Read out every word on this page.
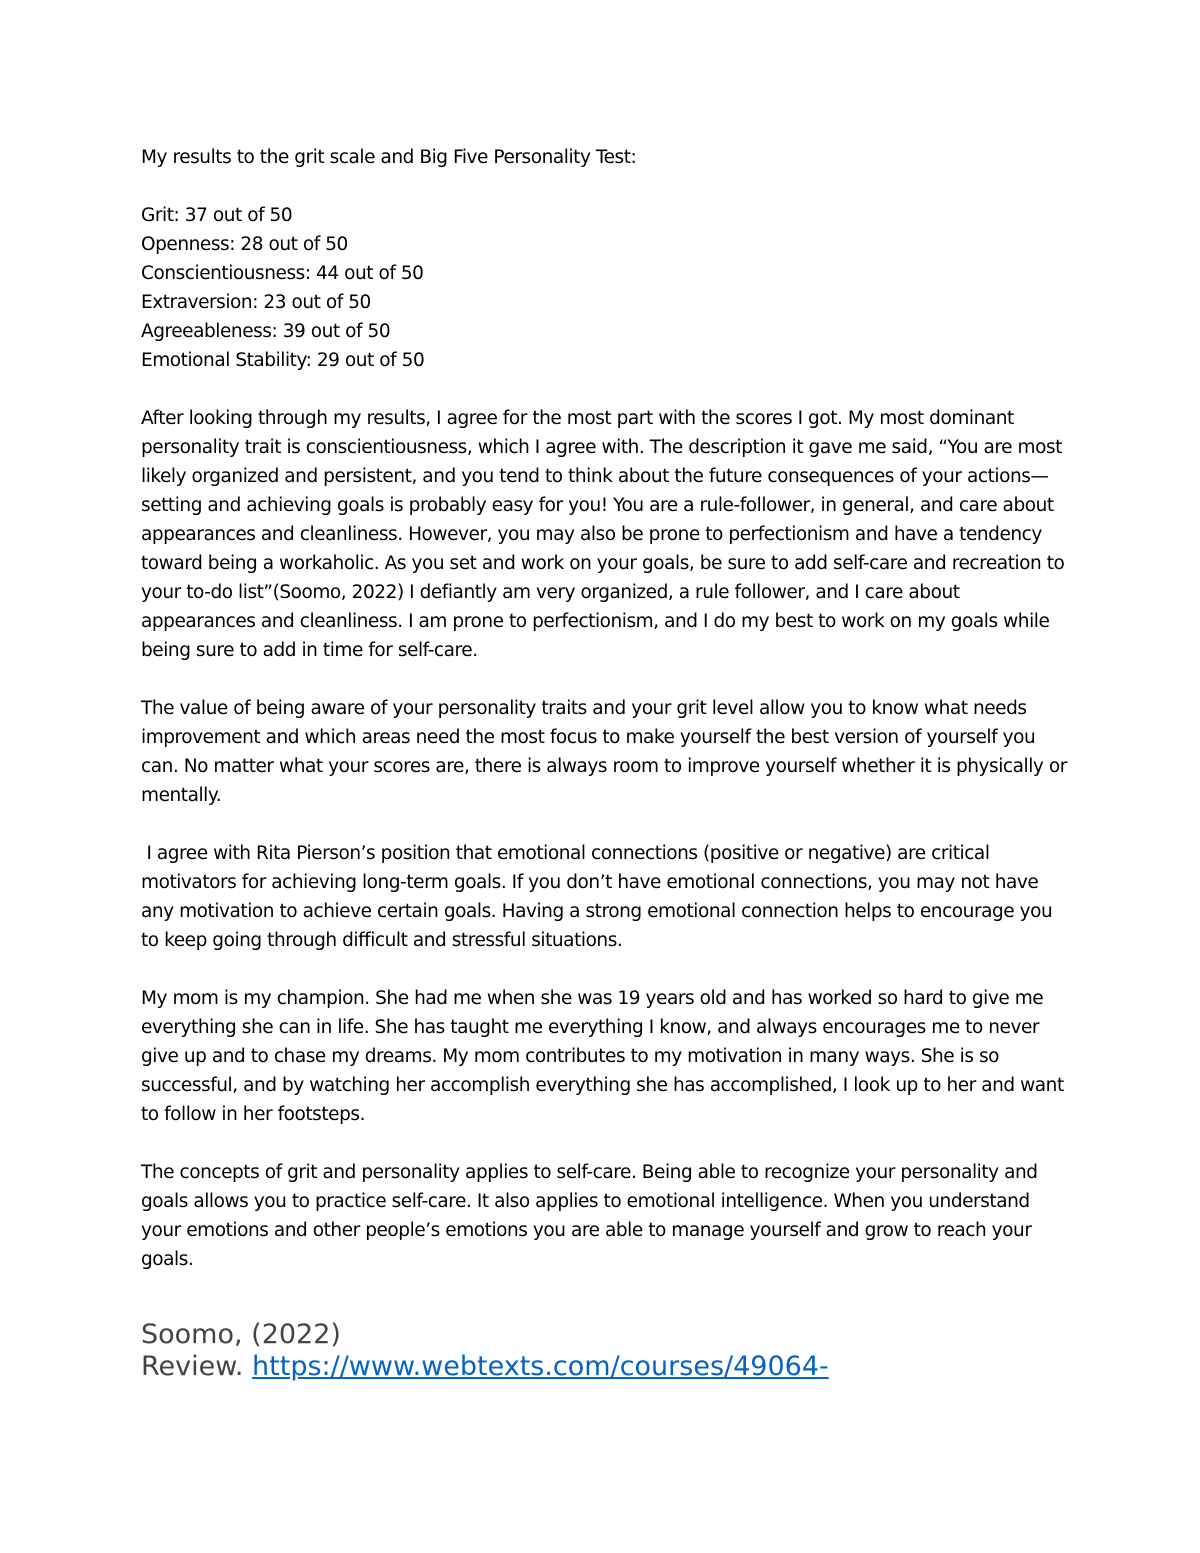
My results to the grit scale and Big Five Personality Test:

Grit: 37 out of 50
Openness: 28 out of 50
Conscientiousness: 44 out of 50
Extraversion: 23 out of 50
Agreeableness: 39 out of 50
Emotional Stability: 29 out of 50

After looking through my results, I agree for the most part with the scores I got. My most dominant personality trait is conscientiousness, which I agree with. The description it gave me said, “You are most likely organized and persistent, and you tend to think about the future consequences of your actions—setting and achieving goals is probably easy for you! You are a rule-follower, in general, and care about appearances and cleanliness. However, you may also be prone to perfectionism and have a tendency toward being a workaholic. As you set and work on your goals, be sure to add self-care and recreation to your to-do list”(Soomo, 2022) I defiantly am very organized, a rule follower, and I care about appearances and cleanliness. I am prone to perfectionism, and I do my best to work on my goals while being sure to add in time for self-care.

The value of being aware of your personality traits and your grit level allow you to know what needs improvement and which areas need the most focus to make yourself the best version of yourself you can. No matter what your scores are, there is always room to improve yourself whether it is physically or mentally.

I agree with Rita Pierson’s position that emotional connections (positive or negative) are critical motivators for achieving long-term goals. If you don’t have emotional connections, you may not have any motivation to achieve certain goals. Having a strong emotional connection helps to encourage you to keep going through difficult and stressful situations.

My mom is my champion. She had me when she was 19 years old and has worked so hard to give me everything she can in life. She has taught me everything I know, and always encourages me to never give up and to chase my dreams. My mom contributes to my motivation in many ways. She is so successful, and by watching her accomplish everything she has accomplished, I look up to her and want to follow in her footsteps.

The concepts of grit and personality applies to self-care. Being able to recognize your personality and goals allows you to practice self-care. It also applies to emotional intelligence. When you understand your emotions and other people’s emotions you are able to manage yourself and grow to reach your goals.

Soomo, (2022)
Review. https://www.webtexts.com/courses/49064-
